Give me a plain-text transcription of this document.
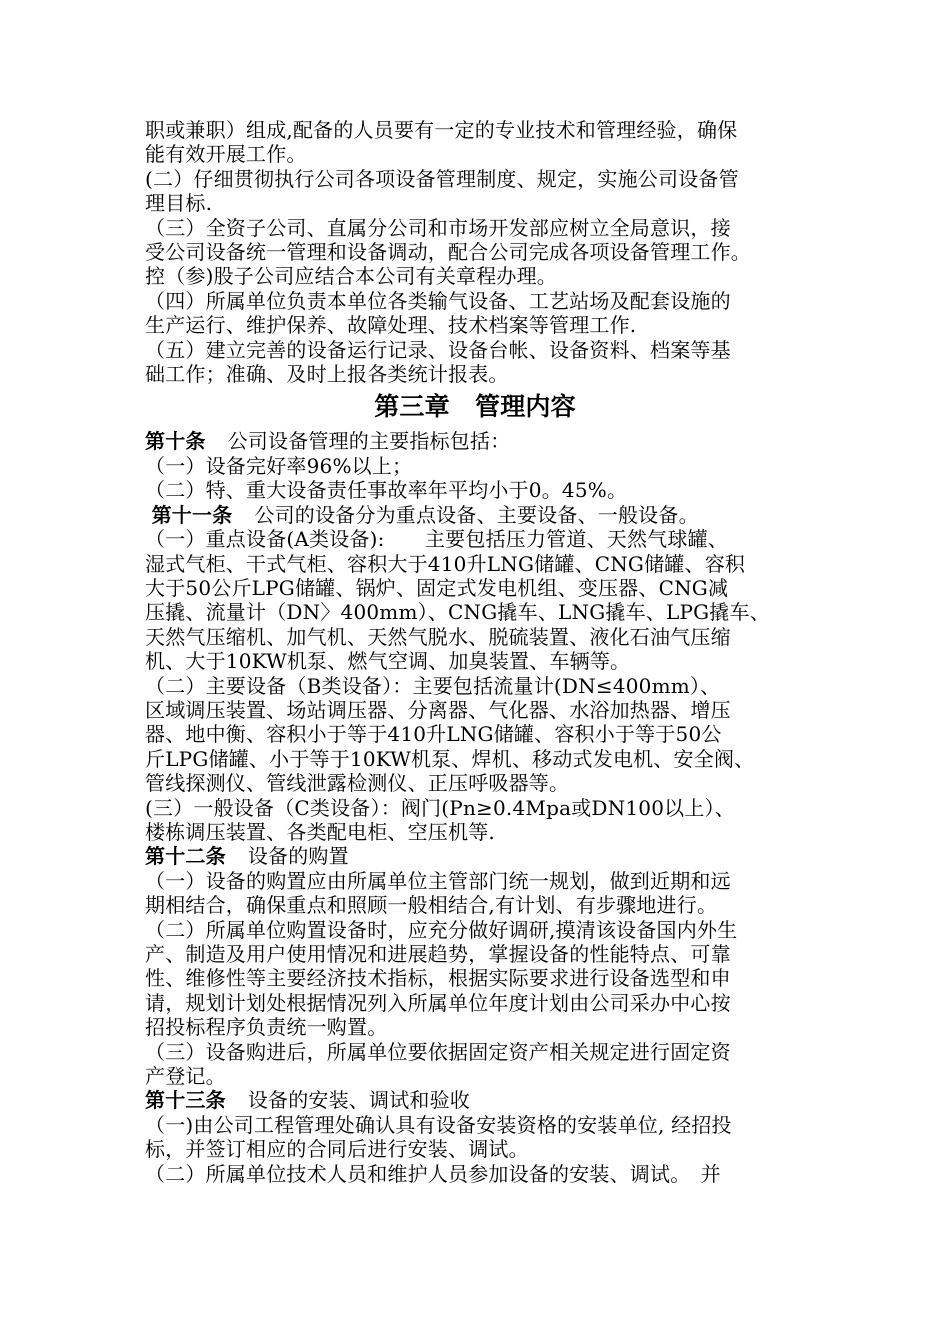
职或兼职）组成,配备的人员要有一定的专业技术和管理经验，确保

能有效开展工作。

(二）仔细贯彻执行公司各项设备管理制度、规定，实施公司设备管

理目标.

（三）全资子公司、直属分公司和市场开发部应树立全局意识，接

受公司设备统一管理和设备调动，配合公司完成各项设备管理工作。

控（参)股子公司应结合本公司有关章程办理。

（四）所属单位负责本单位各类输气设备、工艺站场及配套设施的

生产运行、维护保养、故障处理、技术档案等管理工作.

（五）建立完善的设备运行记录、设备台帐、设备资料、档案等基

础工作；准确、及时上报各类统计报表。

第三章　管理内容

第十条 公司设备管理的主要指标包括：

（一）设备完好率96%以上；

（二）特、重大设备责任事故率年平均小于0。45%。

第十一条 公司的设备分为重点设备、主要设备、一般设备。

（一）重点设备(A类设备):　　主要包括压力管道、天然气球罐、

湿式气柜、干式气柜、容积大于410升LNG储罐、CNG储罐、容积

大于50公斤LPG储罐、锅炉、固定式发电机组、变压器、CNG减

压撬、流量计（DN〉400mm）、CNG撬车、LNG撬车、LPG撬车、

天然气压缩机、加气机、天然气脱水、脱硫装置、液化石油气压缩

机、大于10KW机泵、燃气空调、加臭装置、车辆等。

（二）主要设备（B类设备）：主要包括流量计(DN≤400mm）、

区域调压装置、场站调压器、分离器、气化器、水浴加热器、增压

器、地中衡、容积小于等于410升LNG储罐、容积小于等于50公

斤LPG储罐、小于等于10KW机泵、焊机、移动式发电机、安全阀、

管线探测仪、管线泄露检测仪、正压呼吸器等。

(三）一般设备（C类设备）：阀门(Pn≥0.4Mpa或DN100以上）、

楼栋调压装置、各类配电柜、空压机等.

第十二条 设备的购置

（一）设备的购置应由所属单位主管部门统一规划，做到近期和远

期相结合，确保重点和照顾一般相结合,有计划、有步骤地进行。

（二）所属单位购置设备时，应充分做好调研,摸清该设备国内外生

产、制造及用户使用情况和进展趋势，掌握设备的性能特点、可靠

性、维修性等主要经济技术指标，根据实际要求进行设备选型和申

请，规划计划处根据情况列入所属单位年度计划由公司采办中心按

招投标程序负责统一购置。

（三）设备购进后，所属单位要依据固定资产相关规定进行固定资

产登记。

第十三条 设备的安装、调试和验收

（一)由公司工程管理处确认具有设备安装资格的安装单位, 经招投

标，并签订相应的合同后进行安装、调试。

（二）所属单位技术人员和维护人员参加设备的安装、调试。　并
